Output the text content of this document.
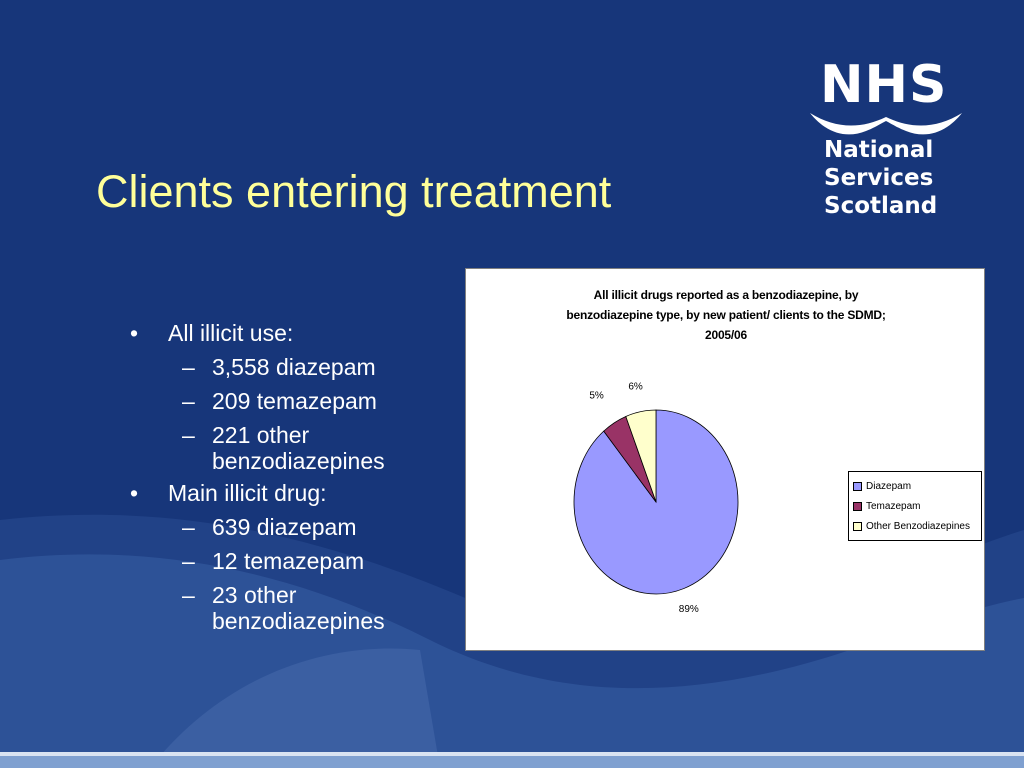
Clients entering treatment
NHS
National
Services
Scotland
• All illicit use:
– 3,558 diazepam
– 209 temazepam
– 221 other benzodiazepines
• Main illicit drug:
– 639 diazepam
– 12 temazepam
– 23 other benzodiazepines
All illicit drugs reported as a benzodiazepine, by
benzodiazepine type, by new patient/ clients to the SDMD;
2005/06
89%
5%
6%
Diazepam
Temazepam
Other Benzodiazepines
